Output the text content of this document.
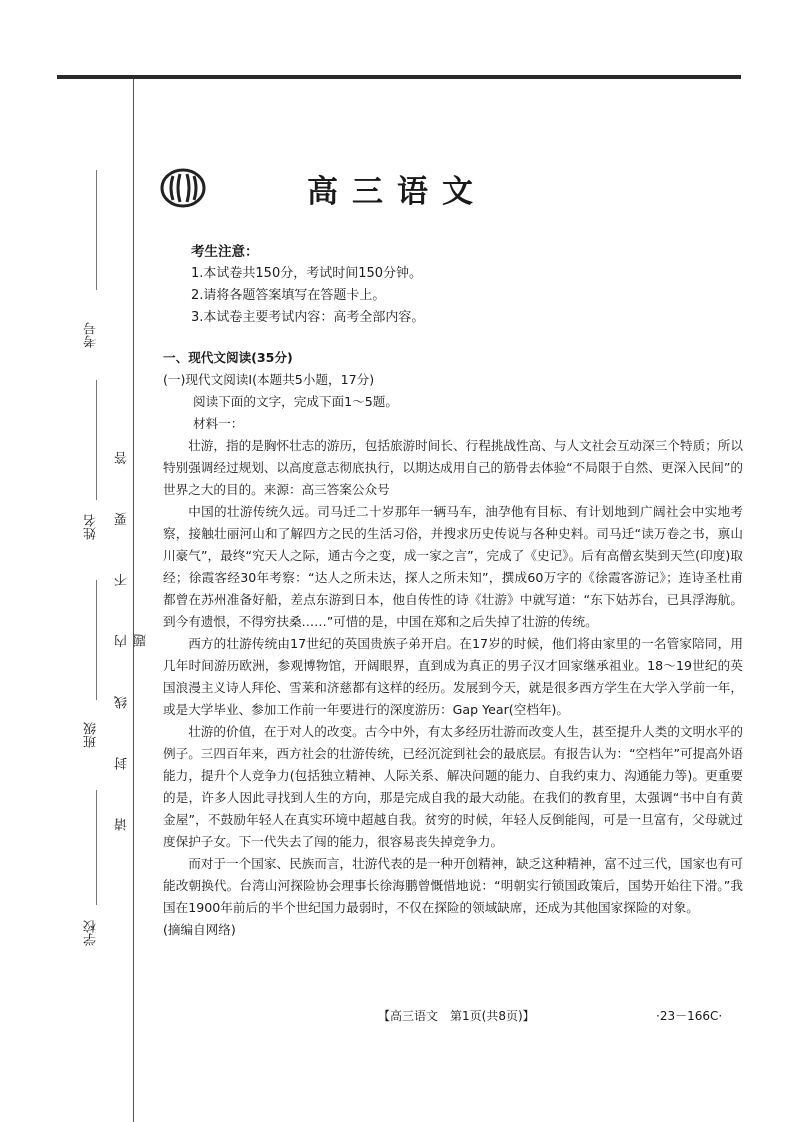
考号
姓名
班级
学校
请 封 线 内 不 要 答 题
高三语文
考生注意：
1.本试卷共150分，考试时间150分钟。
2.请将各题答案填写在答题卡上。
3.本试卷主要考试内容：高考全部内容。

一、现代文阅读(35分)

(一)现代文阅读Ⅰ(本题共5小题，17分)

阅读下面的文字，完成下面1～5题。

材料一：

壮游，指的是胸怀壮志的游历，包括旅游时间长、行程挑战性高、与人文社会互动深三个特质；所以特别强调经过规划、以高度意志彻底执行，以期达成用自己的筋骨去体验“不局限于自然、更深入民间”的世界之大的目的。来源：高三答案公众号

中国的壮游传统久远。司马迁二十岁那年一辆马车，油孕他有目标、有计划地到广阔社会中实地考察，接触壮丽河山和了解四方之民的生活习俗，并搜求历史传说与各种史料。司马迁“读万卷之书，禀山川豪气”，最终“究天人之际，通古今之变，成一家之言”，完成了《史记》。后有高僧玄奘到天竺(印度)取经；徐霞客经30年考察：“达人之所未达，探人之所未知”，撰成60万字的《徐霞客游记》；连诗圣杜甫都曾在苏州准备好船，差点东游到日本，他自传性的诗《壮游》中就写道：“东下姑苏台，已具浮海航。到今有遗恨，不得穷扶桑……”可惜的是，中国在郑和之后失掉了壮游的传统。

西方的壮游传统由17世纪的英国贵族子弟开启。在17岁的时候，他们将由家里的一名管家陪同，用几年时间游历欧洲，参观博物馆，开阔眼界，直到成为真正的男子汉才回家继承祖业。18～19世纪的英国浪漫主义诗人拜伦、雪莱和济慈都有这样的经历。发展到今天，就是很多西方学生在大学入学前一年，或是大学毕业、参加工作前一年要进行的深度游历：Gap Year(空档年)。

壮游的价值，在于对人的改变。古今中外，有太多经历壮游而改变人生，甚至提升人类的文明水平的例子。三四百年来，西方社会的壮游传统，已经沉淀到社会的最底层。有报告认为：“空档年”可提高外语能力，提升个人竞争力(包括独立精神、人际关系、解决问题的能力、自我约束力、沟通能力等)。更重要的是，许多人因此寻找到人生的方向，那是完成自我的最大动能。在我们的教育里，太强调“书中自有黄金屋”，不鼓励年轻人在真实环境中超越自我。贫穷的时候，年轻人反倒能闯，可是一旦富有，父母就过度保护子女。下一代失去了闯的能力，很容易丧失掉竞争力。

而对于一个国家、民族而言，壮游代表的是一种开创精神，缺乏这种精神，富不过三代，国家也有可能改朝换代。台湾山河探险协会理事长徐海鹏曾慨惜地说：“明朝实行锁国政策后，国势开始往下滑。”我国在1900年前后的半个世纪国力最弱时，不仅在探险的领域缺席，还成为其他国家探险的对象。

(摘编自网络)

【高三语文　第1页(共8页)】	·23－166C·
